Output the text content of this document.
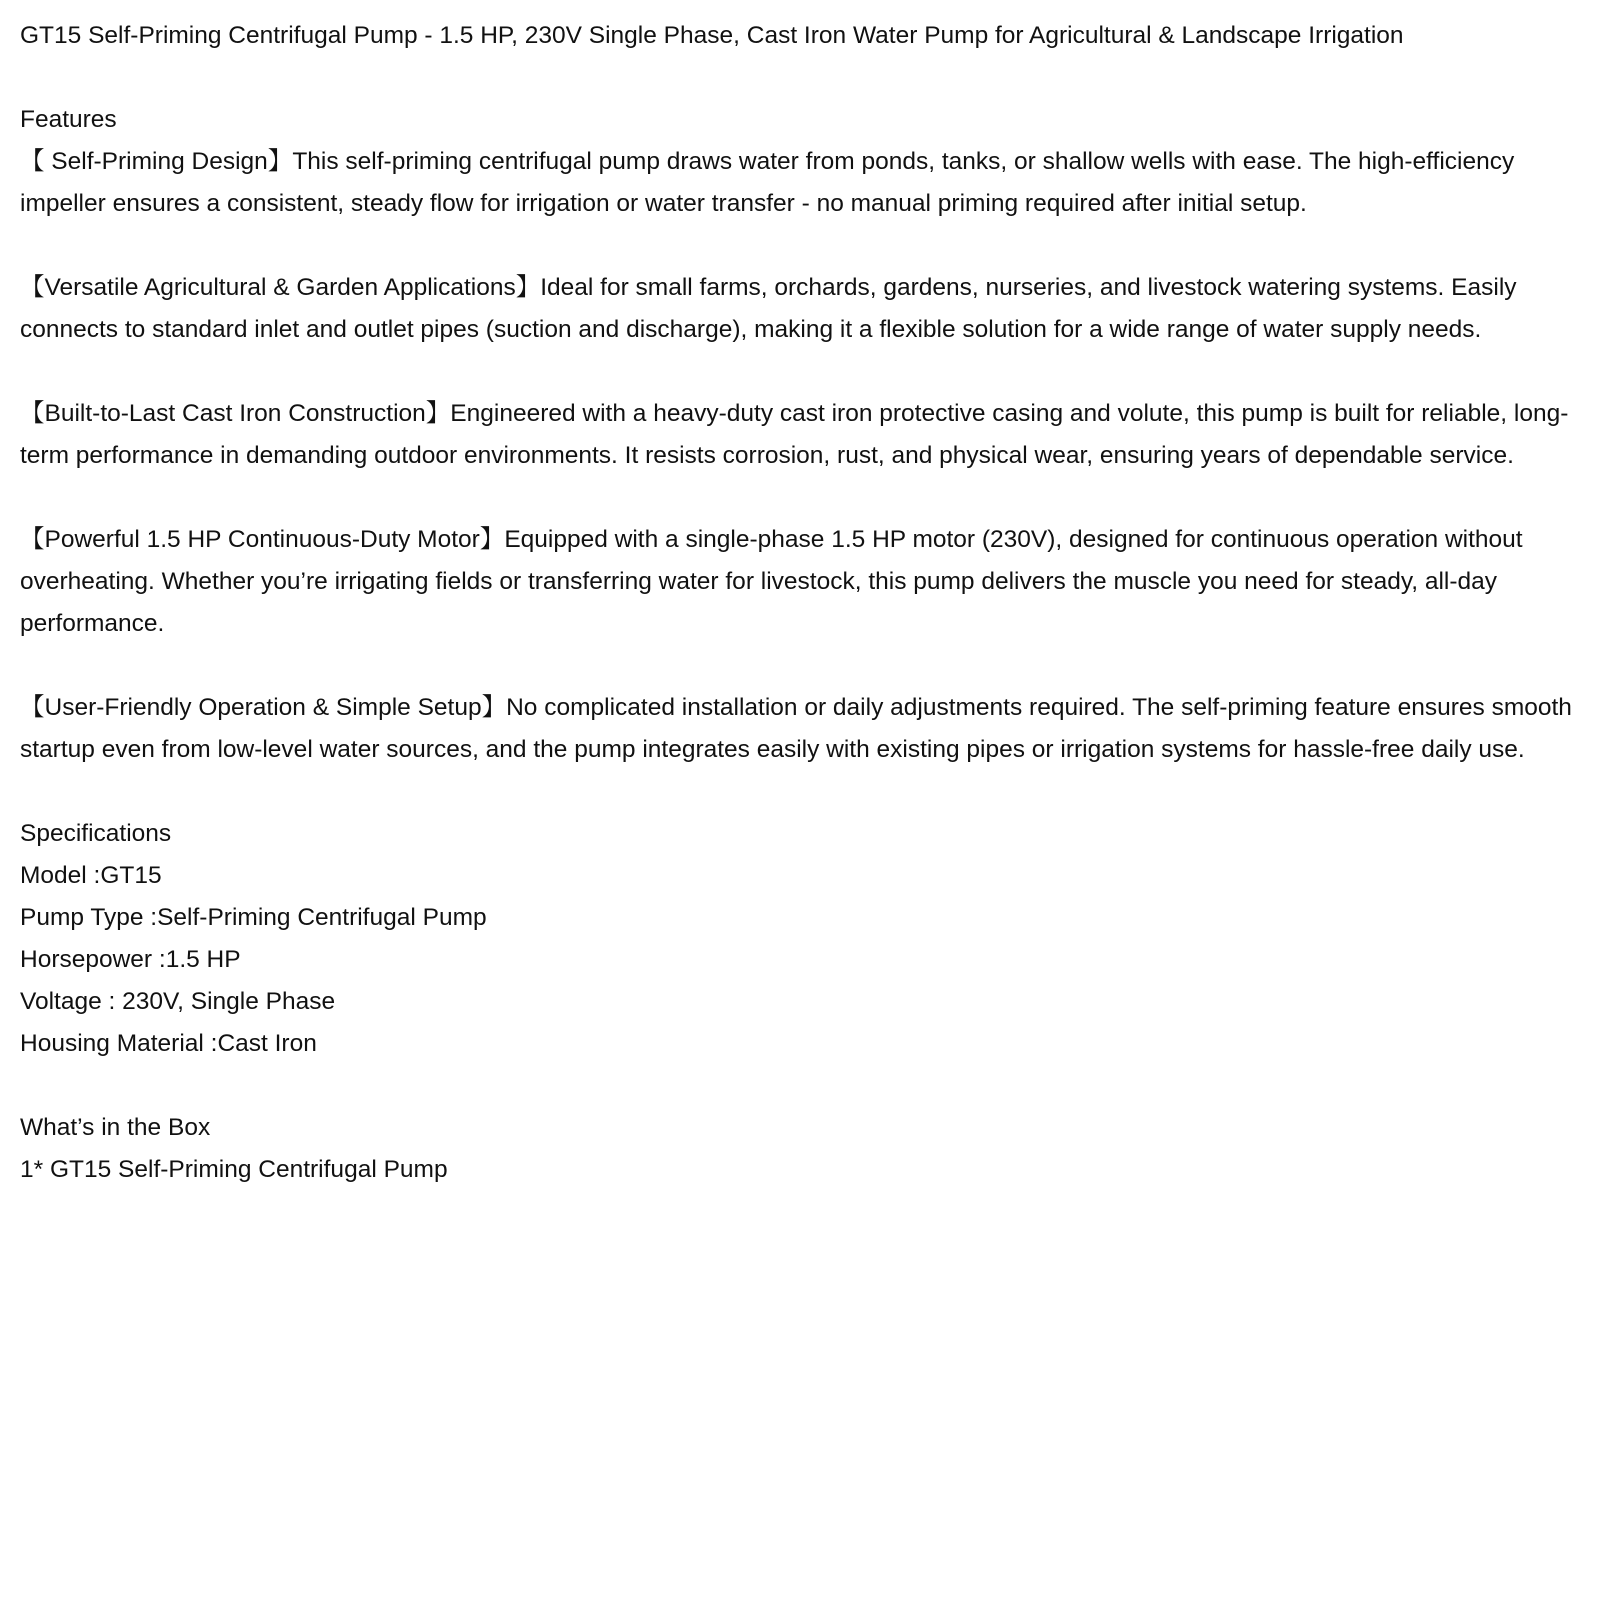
GT15 Self-Priming Centrifugal Pump - 1.5 HP, 230V Single Phase, Cast Iron Water Pump for Agricultural & Landscape Irrigation
Features

【 Self-Priming Design】This self-priming centrifugal pump draws water from ponds, tanks, or shallow wells with ease. The high-efficiency impeller ensures a consistent, steady flow for irrigation or water transfer - no manual priming required after initial setup.

【Versatile Agricultural & Garden Applications】Ideal for small farms, orchards, gardens, nurseries, and livestock watering systems. Easily connects to standard inlet and outlet pipes (suction and discharge), making it a flexible solution for a wide range of water supply needs.

【Built-to-Last Cast Iron Construction】Engineered with a heavy-duty cast iron protective casing and volute, this pump is built for reliable, long-term performance in demanding outdoor environments. It resists corrosion, rust, and physical wear, ensuring years of dependable service.

【Powerful 1.5 HP Continuous-Duty Motor】Equipped with a single-phase 1.5 HP motor (230V), designed for continuous operation without overheating. Whether you’re irrigating fields or transferring water for livestock, this pump delivers the muscle you need for steady, all-day performance.

【User-Friendly Operation & Simple Setup】No complicated installation or daily adjustments required. The self-priming feature ensures smooth startup even from low-level water sources, and the pump integrates easily with existing pipes or irrigation systems for hassle-free daily use.

Specifications

Model :GT15

Pump Type :Self-Priming Centrifugal Pump

Horsepower :1.5 HP

Voltage : 230V, Single Phase

Housing Material :Cast Iron

What’s in the Box

1* GT15 Self-Priming Centrifugal Pump
